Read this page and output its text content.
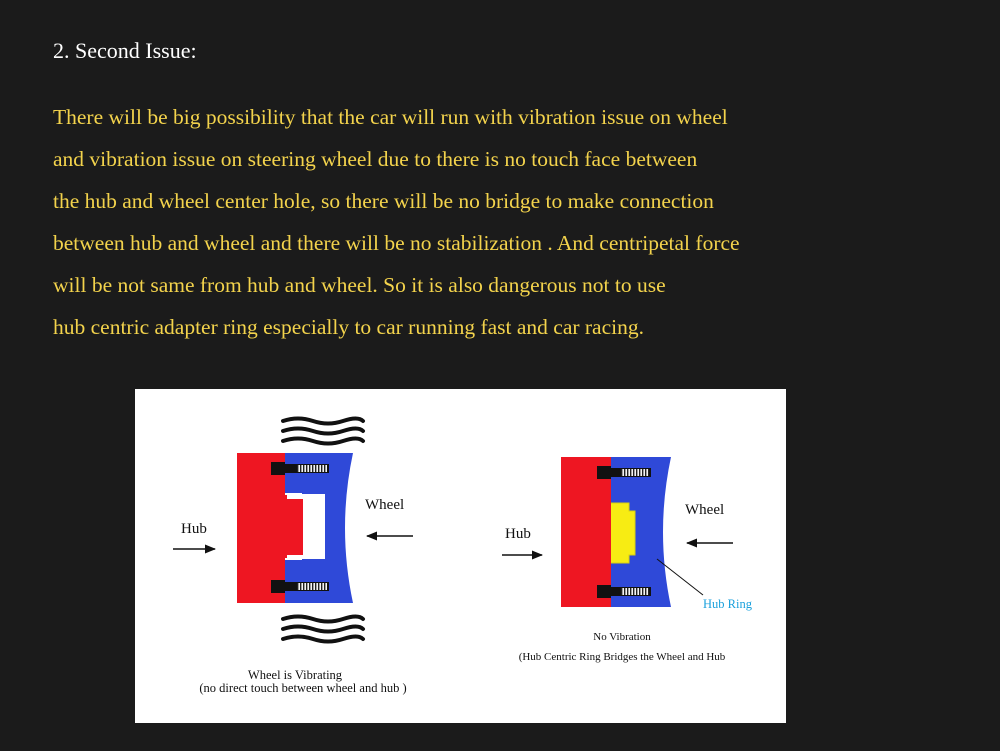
2. Second Issue:
There will be big possibility that the car will run with vibration issue on wheel
and vibration issue on steering wheel due to there is no touch face between
the hub and wheel center hole, so there will be no bridge to make connection
between hub and wheel and there will be no stabilization . And centripetal force
will be not same from hub and wheel. So it is also dangerous not to use
hub centric adapter ring especially to car running fast and car racing.
Hub
Wheel
Wheel is Vibrating
(no direct touch between wheel and hub )
Hub
Wheel
Hub Ring
No Vibration
(Hub Centric Ring Bridges the Wheel and Hub
